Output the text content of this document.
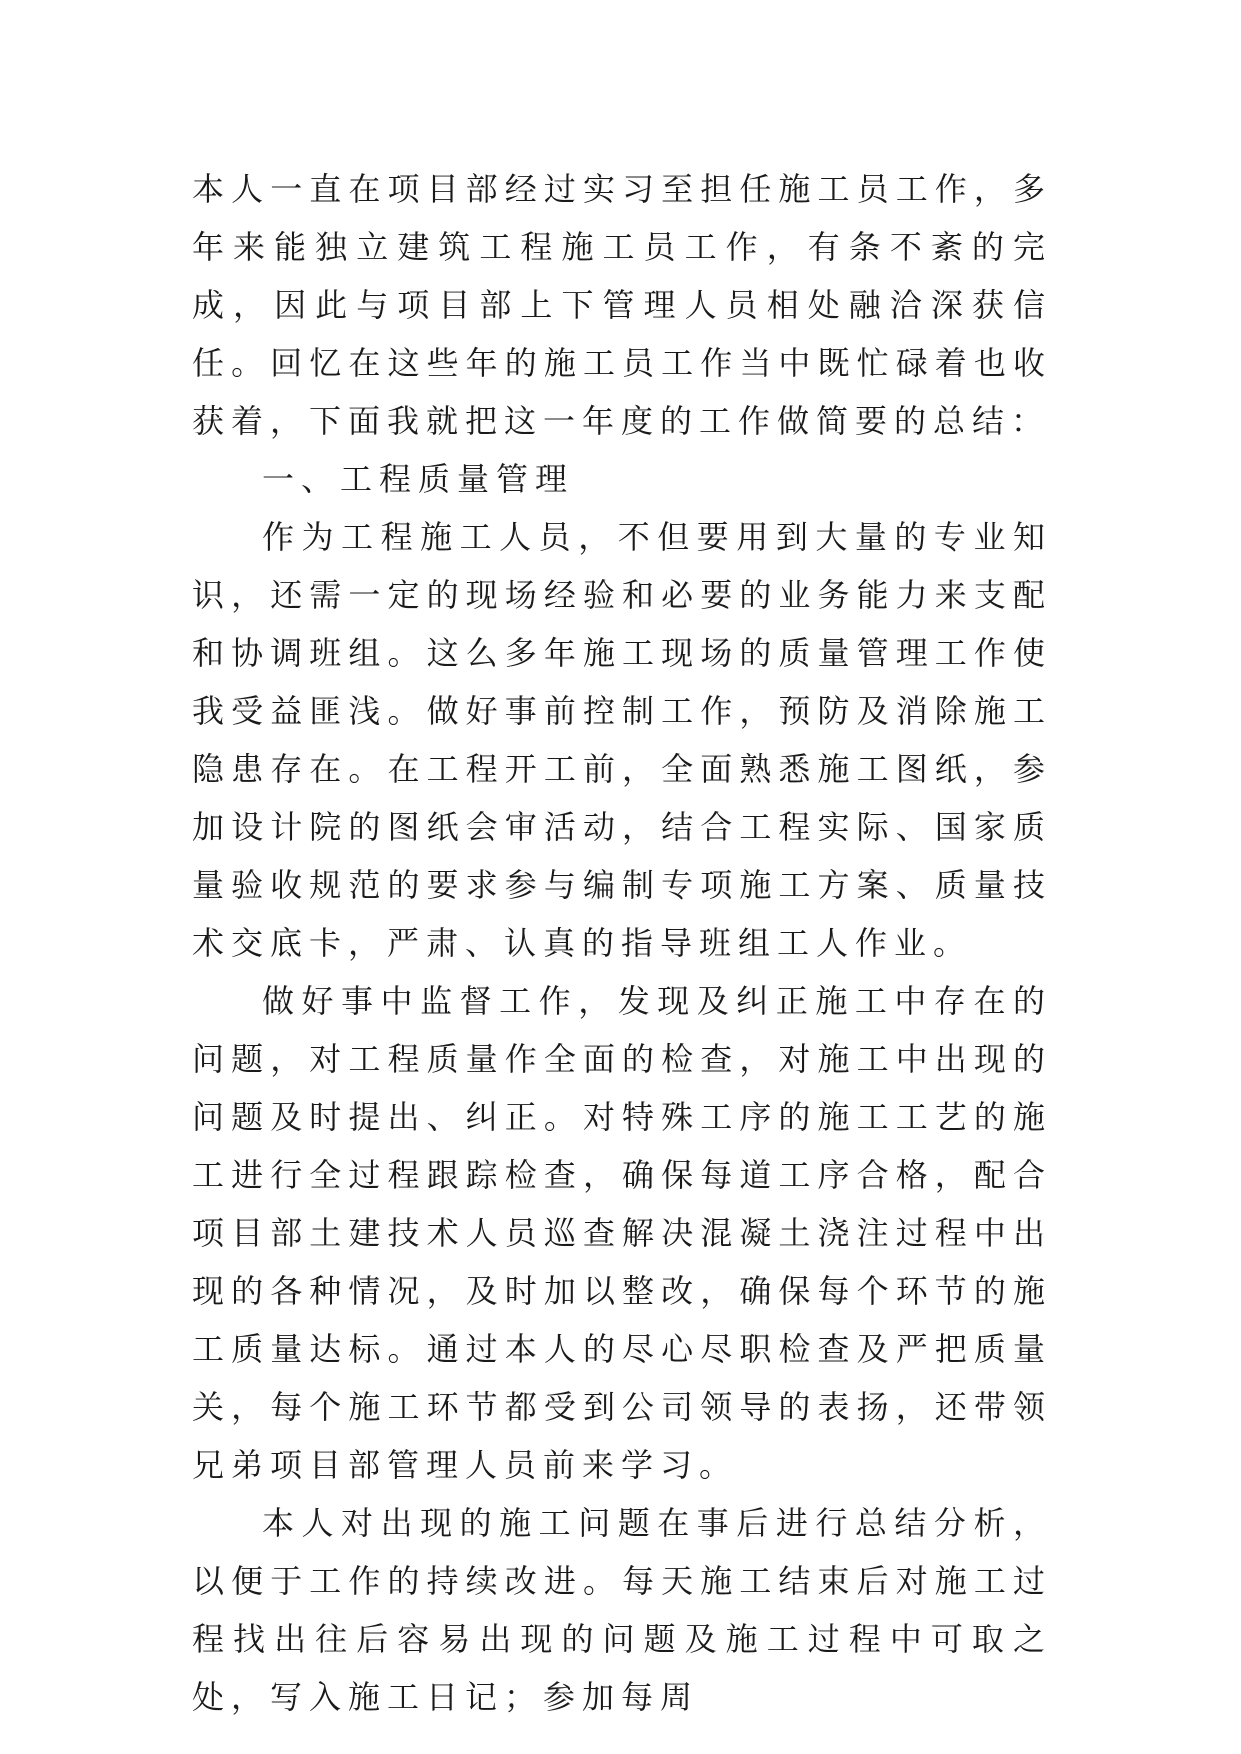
本人一直在项目部经过实习至担任施工员工作，多年来能独立建筑工程施工员工作，有条不紊的完成，因此与项目部上下管理人员相处融洽深获信任。回忆在这些年的施工员工作当中既忙碌着也收获着，下面我就把这一年度的工作做简要的总结：

一、工程质量管理

作为工程施工人员，不但要用到大量的专业知识，还需一定的现场经验和必要的业务能力来支配和协调班组。这么多年施工现场的质量管理工作使我受益匪浅。做好事前控制工作，预防及消除施工隐患存在。在工程开工前，全面熟悉施工图纸，参加设计院的图纸会审活动，结合工程实际、国家质量验收规范的要求参与编制专项施工方案、质量技术交底卡，严肃、认真的指导班组工人作业。

做好事中监督工作，发现及纠正施工中存在的问题，对工程质量作全面的检查，对施工中出现的问题及时提出、纠正。对特殊工序的施工工艺的施工进行全过程跟踪检查，确保每道工序合格，配合项目部土建技术人员巡查解决混凝土浇注过程中出现的各种情况，及时加以整改，确保每个环节的施工质量达标。通过本人的尽心尽职检查及严把质量关，每个施工环节都受到公司领导的表扬，还带领兄弟项目部管理人员前来学习。

本人对出现的施工问题在事后进行总结分析，以便于工作的持续改进。每天施工结束后对施工过程找出往后容易出现的问题及施工过程中可取之处，写入施工日记；参加每周
